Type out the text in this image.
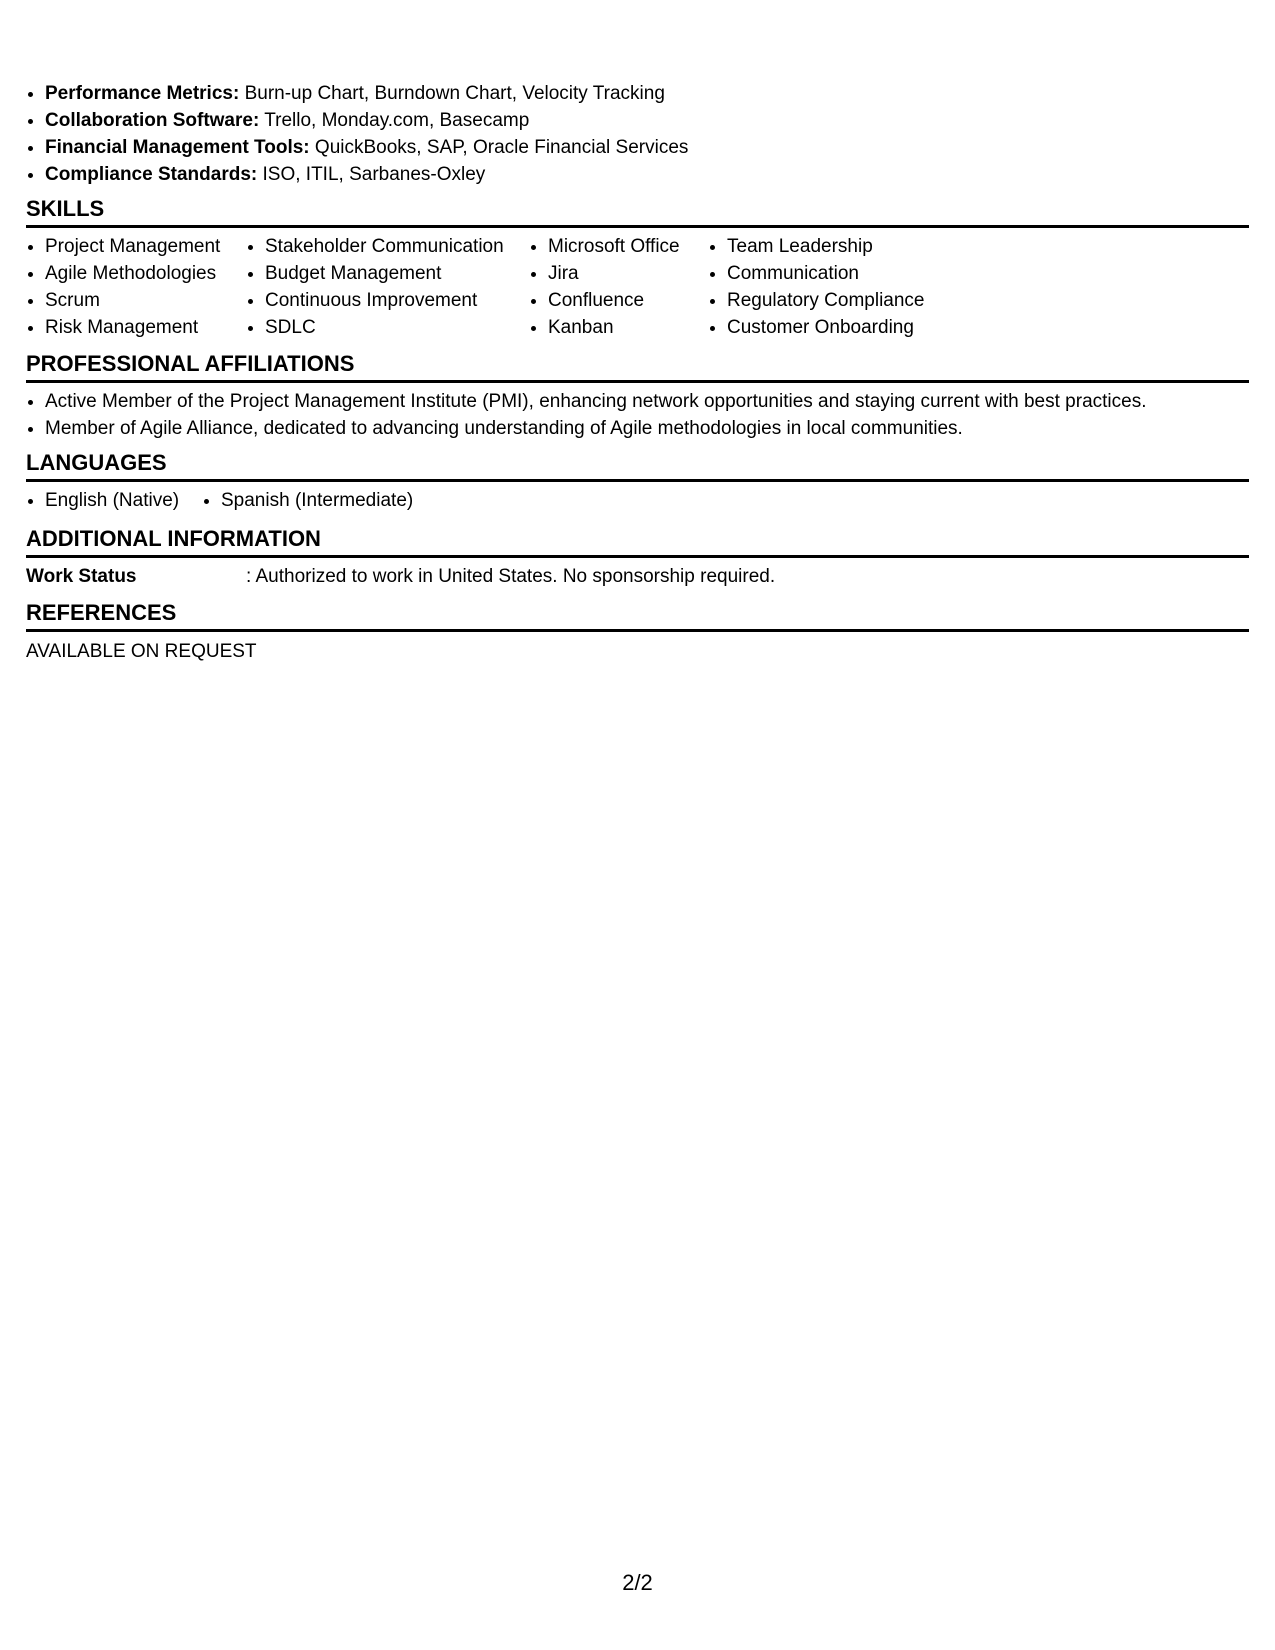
• Performance Metrics: Burn-up Chart, Burndown Chart, Velocity Tracking
• Collaboration Software: Trello, Monday.com, Basecamp
• Financial Management Tools: QuickBooks, SAP, Oracle Financial Services
• Compliance Standards: ISO, ITIL, Sarbanes-Oxley
SKILLS
• Project Management
• Agile Methodologies
• Scrum
• Risk Management
• Stakeholder Communication
• Budget Management
• Continuous Improvement
• SDLC
• Microsoft Office
• Jira
• Confluence
• Kanban
• Team Leadership
• Communication
• Regulatory Compliance
• Customer Onboarding
PROFESSIONAL AFFILIATIONS
• Active Member of the Project Management Institute (PMI), enhancing network opportunities and staying current with best practices.
• Member of Agile Alliance, dedicated to advancing understanding of Agile methodologies in local communities.
LANGUAGES
• English (Native)
•	Spanish (Intermediate)
ADDITIONAL INFORMATION
Work Status	: Authorized to work in United States. No sponsorship required.
REFERENCES
AVAILABLE ON REQUEST
2/2
